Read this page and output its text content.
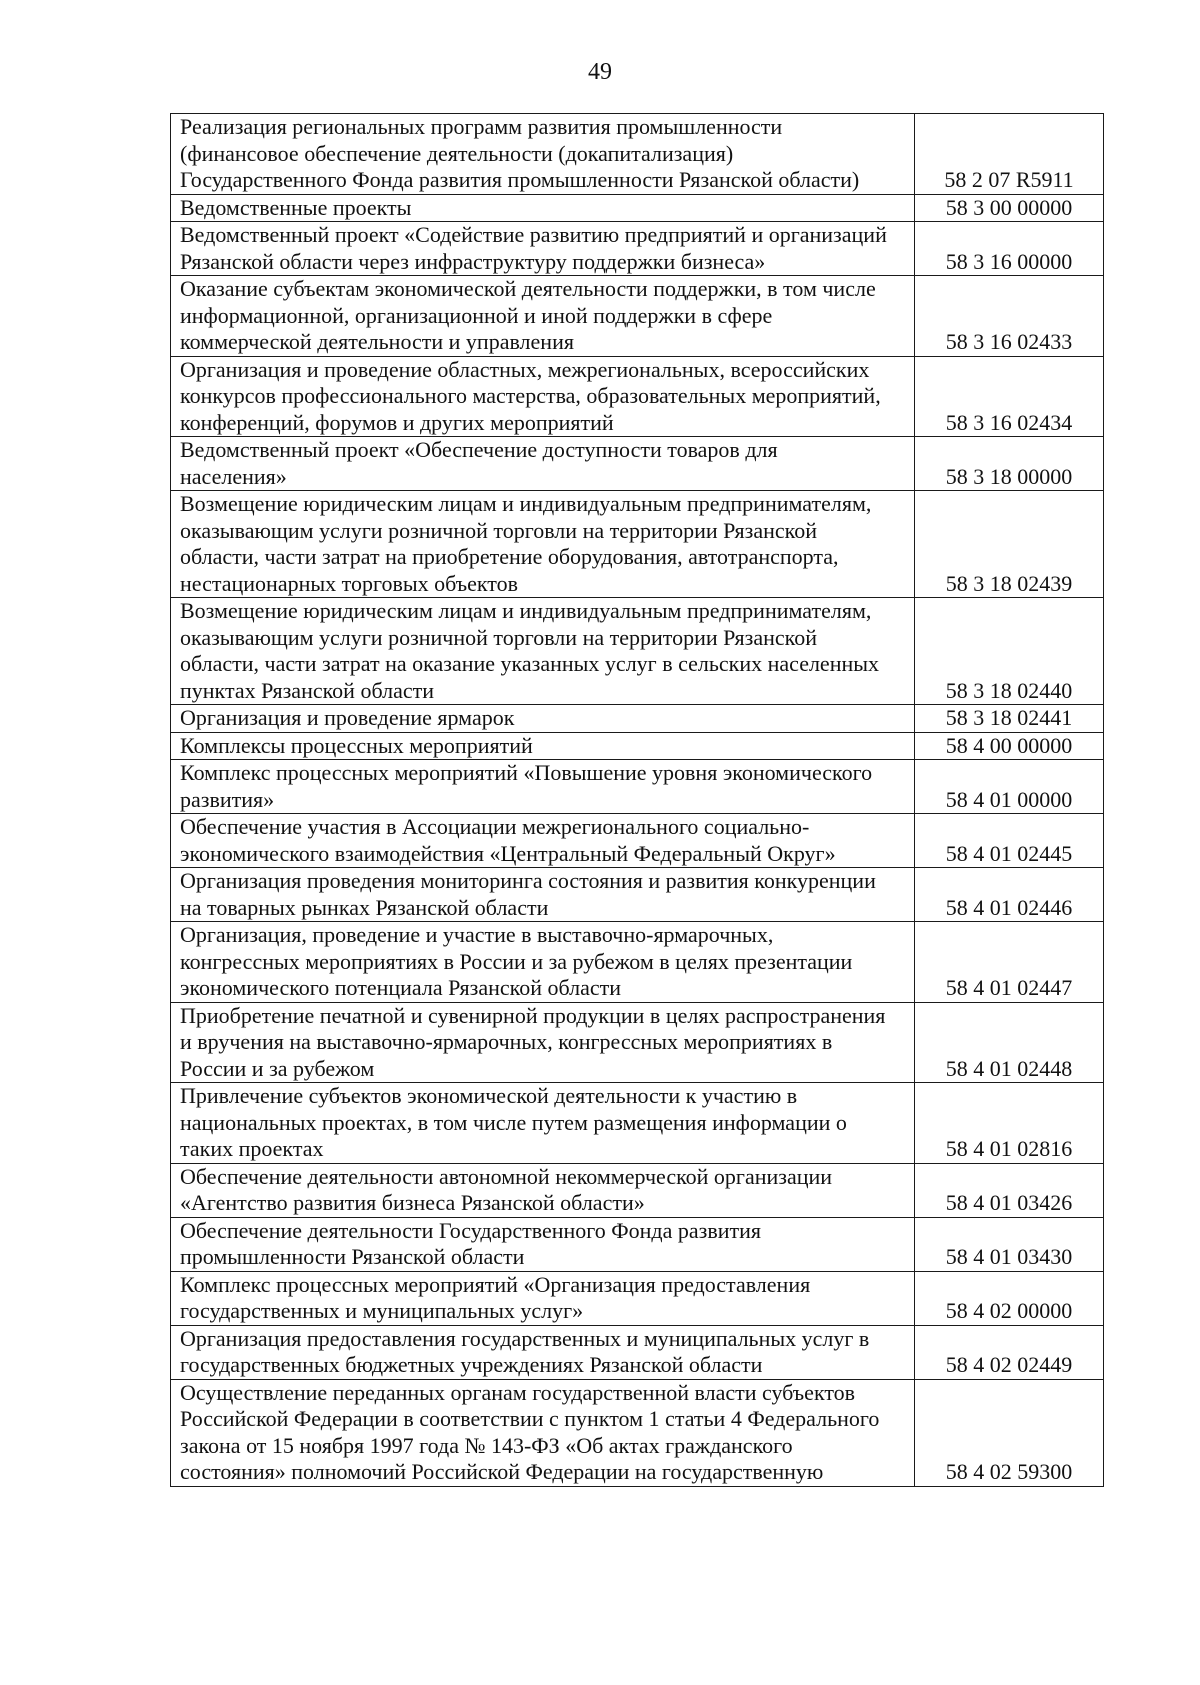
49
Реализация региональных программ развития промышленности
(финансовое обеспечение деятельности (докапитализация)
Государственного Фонда развития промышленности Рязанской области)	58 2 07 R5911
Ведомственные проекты	58 3 00 00000
Ведомственный проект «Содействие развитию предприятий и организаций
Рязанской области через инфраструктуру поддержки бизнеса»	58 3 16 00000
Оказание субъектам экономической деятельности поддержки, в том числе
информационной, организационной и иной поддержки в сфере
коммерческой деятельности и управления	58 3 16 02433
Организация и проведение областных, межрегиональных, всероссийских
конкурсов профессионального мастерства, образовательных мероприятий,
конференций, форумов и других мероприятий	58 3 16 02434
Ведомственный проект «Обеспечение доступности товаров для
населения»	58 3 18 00000
Возмещение юридическим лицам и индивидуальным предпринимателям,
оказывающим услуги розничной торговли на территории Рязанской
области, части затрат на приобретение оборудования, автотранспорта,
нестационарных торговых объектов	58 3 18 02439
Возмещение юридическим лицам и индивидуальным предпринимателям,
оказывающим услуги розничной торговли на территории Рязанской
области, части затрат на оказание указанных услуг в сельских населенных
пунктах Рязанской области	58 3 18 02440
Организация и проведение ярмарок	58 3 18 02441
Комплексы процессных мероприятий	58 4 00 00000
Комплекс процессных мероприятий «Повышение уровня экономического
развития»	58 4 01 00000
Обеспечение участия в Ассоциации межрегионального социально-
экономического взаимодействия «Центральный Федеральный Округ»	58 4 01 02445
Организация проведения мониторинга состояния и развития конкуренции
на товарных рынках Рязанской области	58 4 01 02446
Организация, проведение и участие в выставочно-ярмарочных,
конгрессных мероприятиях в России и за рубежом в целях презентации
экономического потенциала Рязанской области	58 4 01 02447
Приобретение печатной и сувенирной продукции в целях распространения
и вручения на выставочно-ярмарочных, конгрессных мероприятиях в
России и за рубежом	58 4 01 02448
Привлечение субъектов экономической деятельности к участию в
национальных проектах, в том числе путем размещения информации о
таких проектах	58 4 01 02816
Обеспечение деятельности автономной некоммерческой организации
«Агентство развития бизнеса Рязанской области»	58 4 01 03426
Обеспечение деятельности Государственного Фонда развития
промышленности Рязанской области	58 4 01 03430
Комплекс процессных мероприятий «Организация предоставления
государственных и муниципальных услуг»	58 4 02 00000
Организация предоставления государственных и муниципальных услуг в
государственных бюджетных учреждениях Рязанской области	58 4 02 02449
Осуществление переданных органам государственной власти субъектов
Российской Федерации в соответствии с пунктом 1 статьи 4 Федерального
закона от 15 ноября 1997 года № 143-ФЗ «Об актах гражданского
состояния» полномочий Российской Федерации на государственную	58 4 02 59300
